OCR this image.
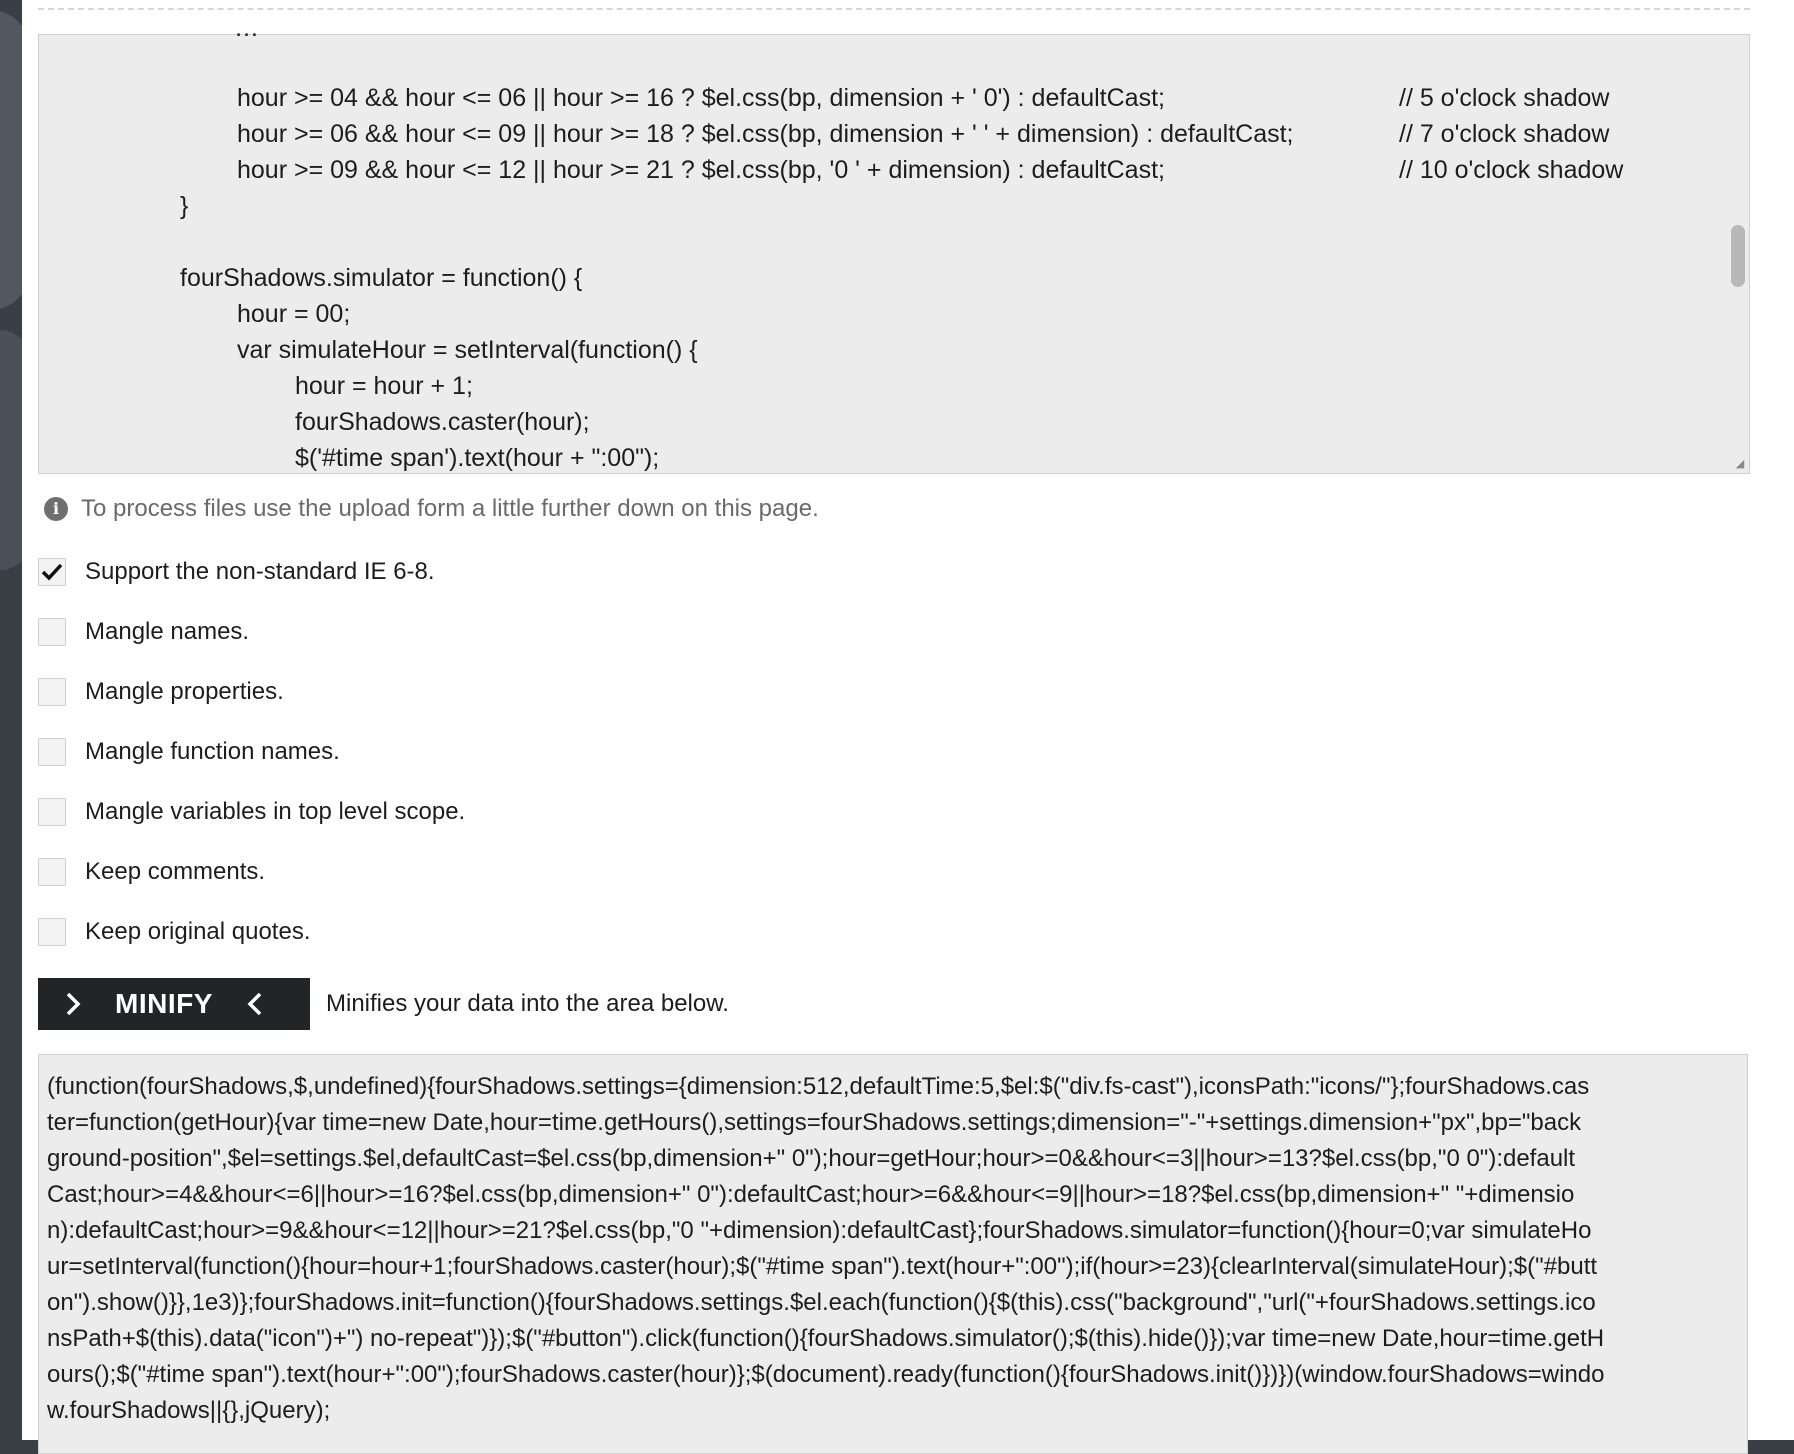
…
hour >= 04 && hour <= 06 || hour >= 16 ? $el.css(bp, dimension + ' 0') : defaultCast;	// 5 o'clock shadow
hour >= 06 && hour <= 09 || hour >= 18 ? $el.css(bp, dimension + ' ' + dimension) : defaultCast;	// 7 o'clock shadow
hour >= 09 && hour <= 12 || hour >= 21 ? $el.css(bp, '0 ' + dimension) : defaultCast;	// 10 o'clock shadow
}
fourShadows.simulator = function() {
hour = 00;
var simulateHour = setInterval(function() {
hour = hour + 1;
fourShadows.caster(hour);
$('#time span').text(hour + ":00");	◢
i To process files use the upload form a little further down on this page.
Support the non-standard IE 6-8.
Mangle names.
Mangle properties.
Mangle function names.
Mangle variables in top level scope.
Keep comments.
Keep original quotes.
MINIFY	Minifies your data into the area below.
(function(fourShadows,$,undefined){fourShadows.settings={dimension:512,defaultTime:5,$el:$("div.fs-cast"),iconsPath:"icons/"};fourShadows.cas
ter=function(getHour){var time=new Date,hour=time.getHours(),settings=fourShadows.settings;dimension="-"+settings.dimension+"px",bp="back
ground-position",$el=settings.$el,defaultCast=$el.css(bp,dimension+" 0");hour=getHour;hour>=0&&hour<=3||hour>=13?$el.css(bp,"0 0"):default
Cast;hour>=4&&hour<=6||hour>=16?$el.css(bp,dimension+" 0"):defaultCast;hour>=6&&hour<=9||hour>=18?$el.css(bp,dimension+" "+dimensio
n):defaultCast;hour>=9&&hour<=12||hour>=21?$el.css(bp,"0 "+dimension):defaultCast};fourShadows.simulator=function(){hour=0;var simulateHo
ur=setInterval(function(){hour=hour+1;fourShadows.caster(hour);$("#time span").text(hour+":00");if(hour>=23){clearInterval(simulateHour);$("#butt
on").show()}},1e3)};fourShadows.init=function(){fourShadows.settings.$el.each(function(){$(this).css("background","url("+fourShadows.settings.ico
nsPath+$(this).data("icon")+") no-repeat")});$("#button").click(function(){fourShadows.simulator();$(this).hide()});var time=new Date,hour=time.getH
ours();$("#time span").text(hour+":00");fourShadows.caster(hour)};$(document).ready(function(){fourShadows.init()})})(window.fourShadows=windo
w.fourShadows||{},jQuery);
